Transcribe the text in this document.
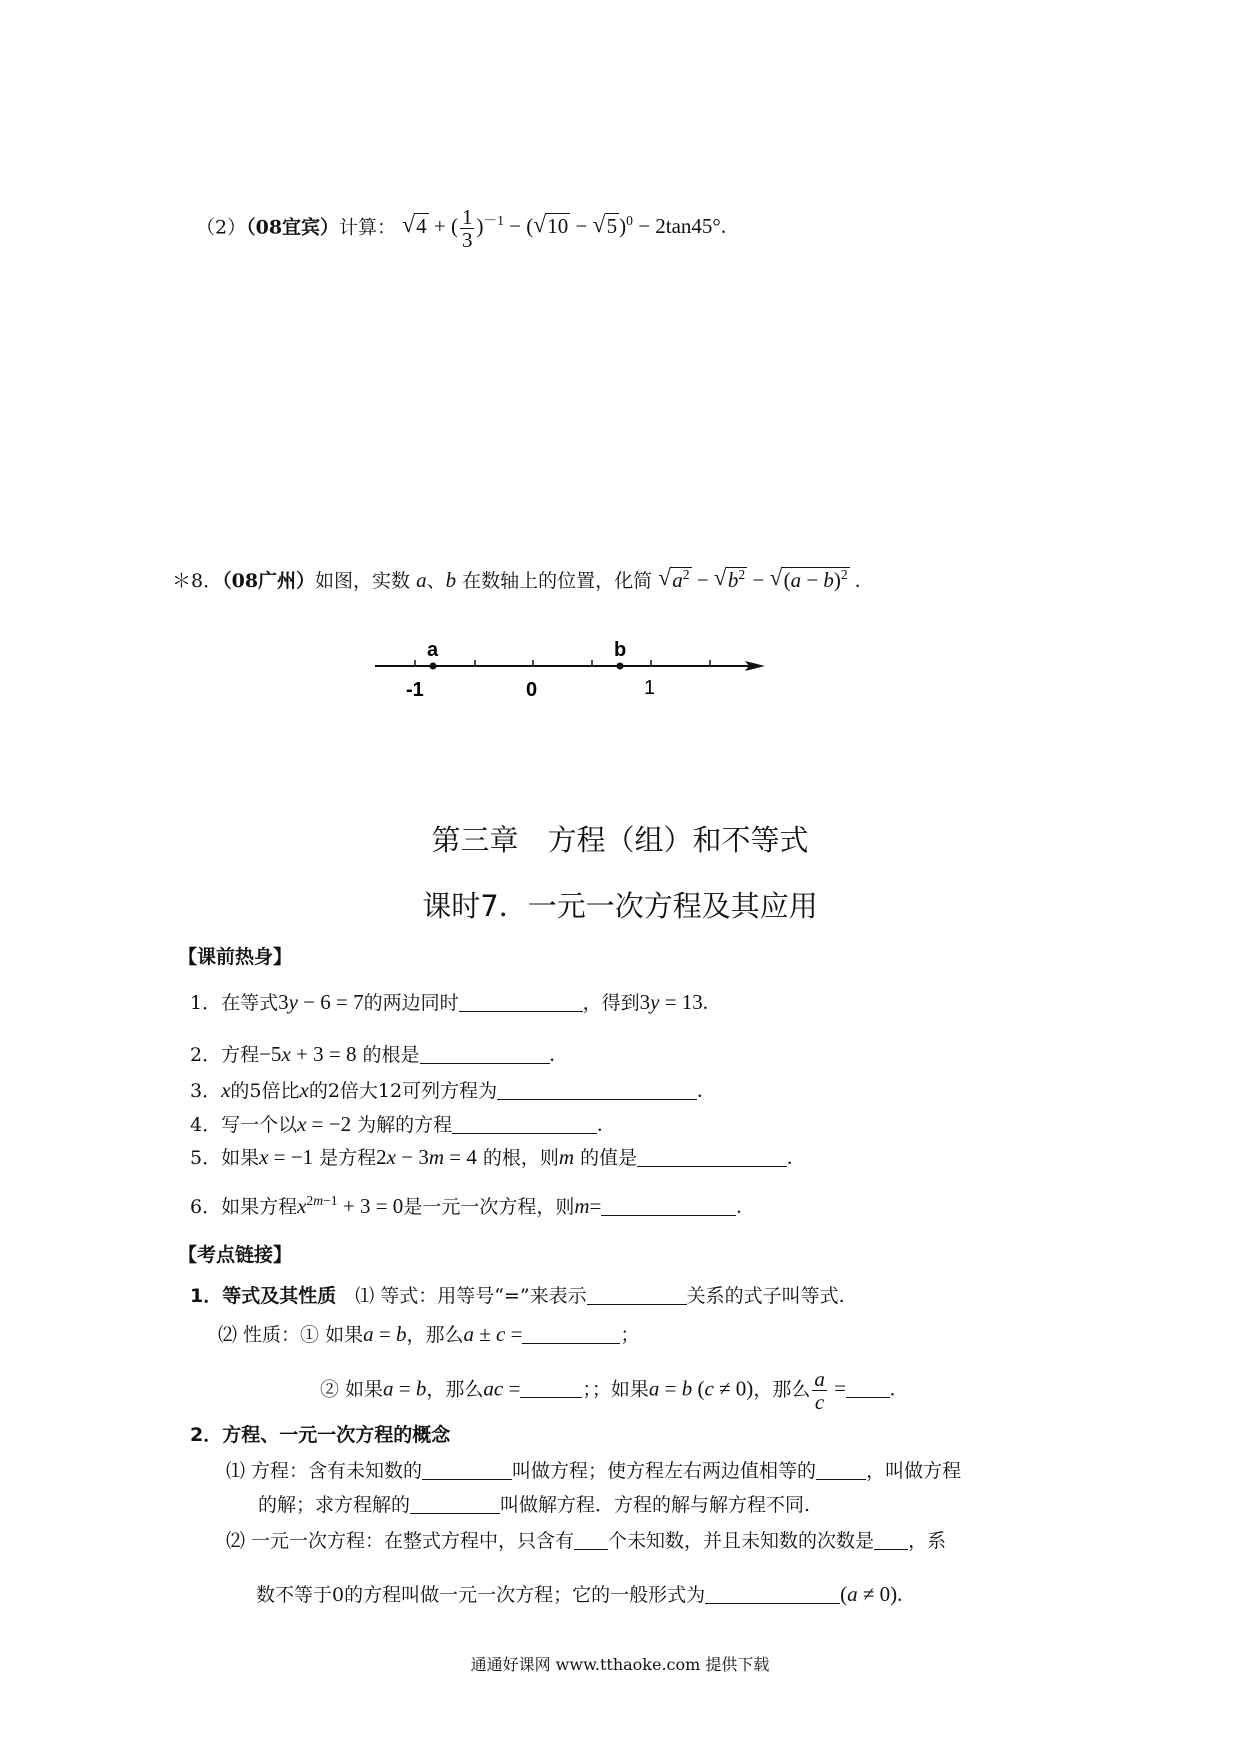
（2）（08宜宾）计算： √ 4 + ( $\frac{1}{3} )^{-1}$ − ( √ 10 − √ 5)$^0$ − 2tan45°.
＊8．（08广州）如图，实数 a、b 在数轴上的位置，化简 √ $a^2$ − √ $b^2$ − √ $(a - b)^2$ .
a	b
-1	0	1
第三章　方程（组）和不等式
课时7．一元一次方程及其应用
【课前热身】
1．在等式3y − 6 = 7的两边同时	，得到3y = 13.
2．方程−5x + 3 = 8 的根是	.
3．x的5倍比x的2倍大12可列方程为	.
4．写一个以x = −2 为解的方程	.
5．如果x = −1 是方程2x − 3m = 4 的根，则m 的值是	.
6．如果方程$x^{2m-1} + 3 = 0$是一元一次方程，则m=	.
【考点链接】
1．等式及其性质　 ⑴ 等式：用等号“=”来表示	关系的式子叫等式.
⑵ 性质：① 如果a = b，那么a ± c =	；
② 如果a = b，那么ac =	；；如果a = b (c ≠ 0)，那么 $\frac{a}{c}$ = .
2．方程、一元一次方程的概念
⑴ 方程：含有未知数的	叫做方程；使方程左右两边值相等的	，叫做方程
的解；求方程解的	叫做解方程．方程的解与解方程不同.
⑵ 一元一次方程：在整式方程中，只含有 个未知数，并且未知数的次数是 ，系
数不等于0的方程叫做一元一次方程；它的一般形式为	(a ≠ 0).
通通好课网 www.tthaoke.com 提供下载
